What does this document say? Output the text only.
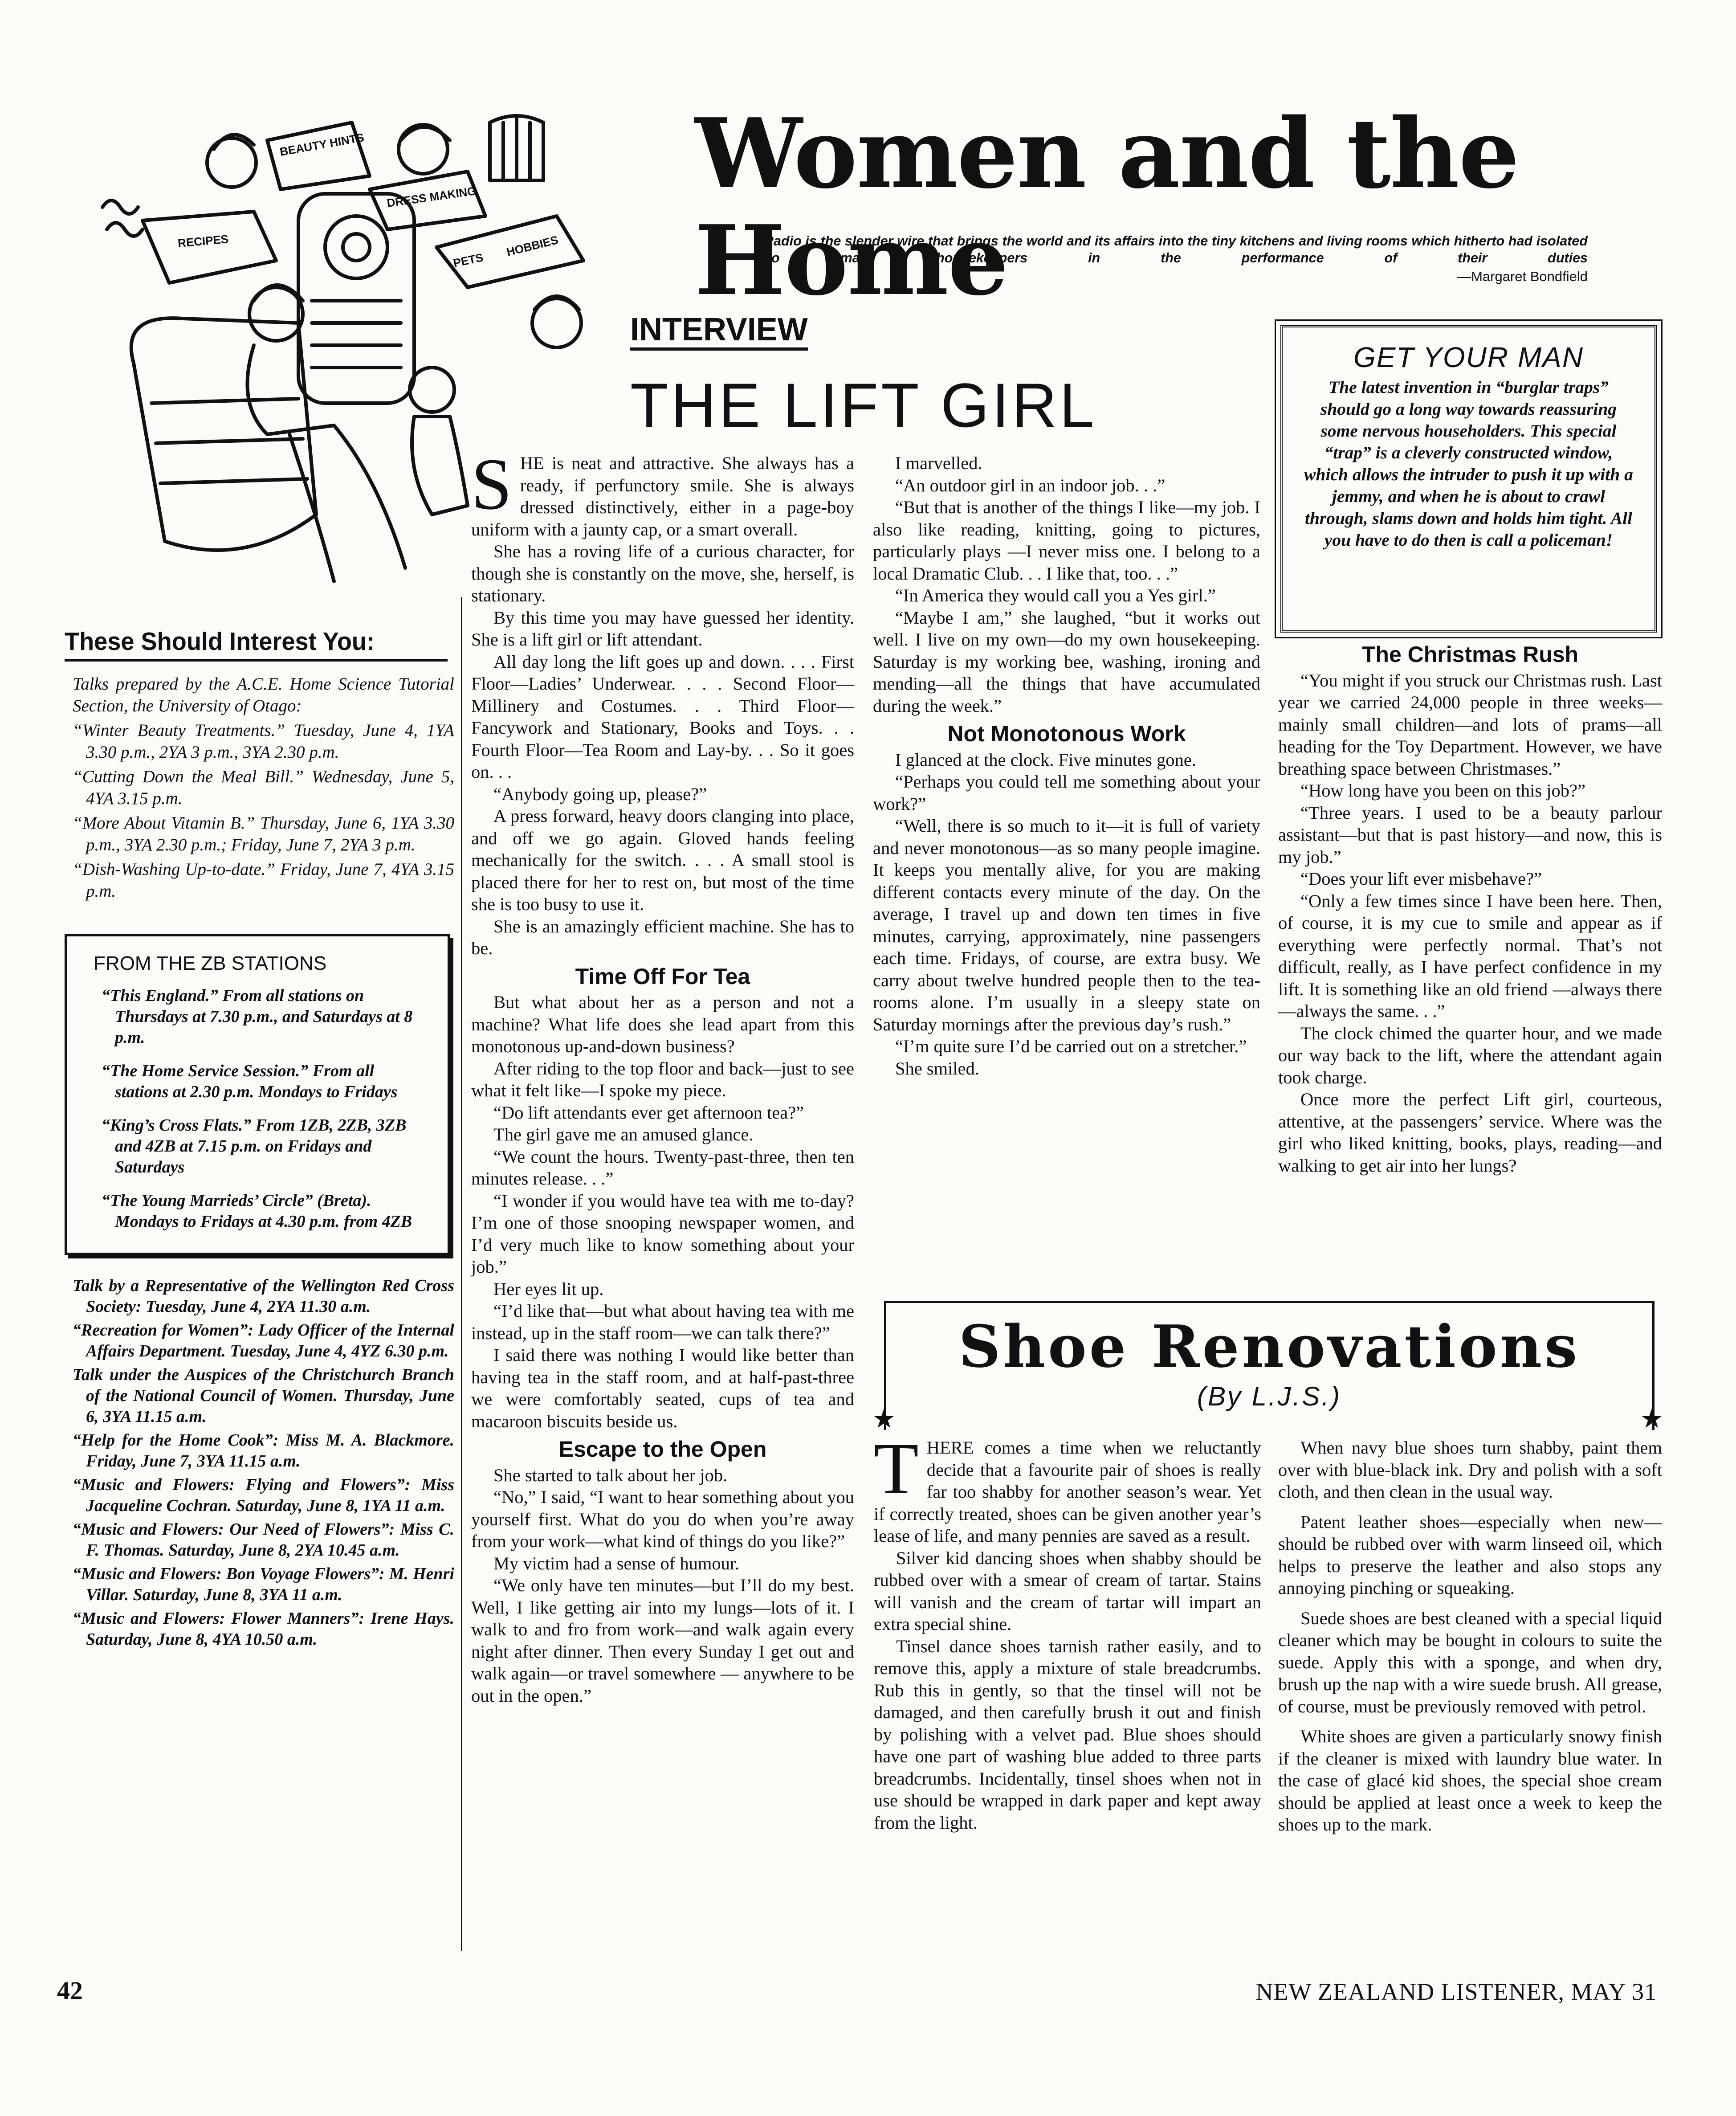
Women and the Home
Radio is the slender wire that brings the world and its affairs into the tiny kitchens and living rooms which hitherto had isolated so many housekeepers in the performance of their duties
—Margaret Bondfield
BEAUTY HINTS
DRESS MAKING
RECIPES
PETS
HOBBIES
These Should Interest You:

Talks prepared by the A.C.E. Home Science Tutorial Section, the University of Otago:

“Winter Beauty Treatments.” Tuesday, June 4, 1YA 3.30 p.m., 2YA 3 p.m., 3YA 2.30 p.m.

“Cutting Down the Meal Bill.” Wednesday, June 5, 4YA 3.15 p.m.

“More About Vitamin B.” Thursday, June 6, 1YA 3.30 p.m., 3YA 2.30 p.m.; Friday, June 7, 2YA 3 p.m.

“Dish-Washing Up-to-date.” Friday, June 7, 4YA 3.15 p.m.

FROM THE ZB STATIONS

“This England.” From all stations on Thursdays at 7.30 p.m., and Saturdays at 8 p.m.

“The Home Service Session.” From all stations at 2.30 p.m. Mondays to Fridays

“King’s Cross Flats.” From 1ZB, 2ZB, 3ZB and 4ZB at 7.15 p.m. on Fridays and Saturdays

“The Young Marrieds’ Circle” (Breta). Mondays to Fridays at 4.30 p.m. from 4ZB

Talk by a Representative of the Wellington Red Cross Society: Tuesday, June 4, 2YA 11.30 a.m.

“Recreation for Women”: Lady Officer of the Internal Affairs Department. Tuesday, June 4, 4YZ 6.30 p.m.

Talk under the Auspices of the Christchurch Branch of the National Council of Women. Thursday, June 6, 3YA 11.15 a.m.

“Help for the Home Cook”: Miss M. A. Blackmore. Friday, June 7, 3YA 11.15 a.m.

“Music and Flowers: Flying and Flowers”: Miss Jacqueline Cochran. Saturday, June 8, 1YA 11 a.m.

“Music and Flowers: Our Need of Flowers”: Miss C. F. Thomas. Saturday, June 8, 2YA 10.45 a.m.

“Music and Flowers: Bon Voyage Flowers”: M. Henri Villar. Saturday, June 8, 3YA 11 a.m.

“Music and Flowers: Flower Manners”: Irene Hays. Saturday, June 8, 4YA 10.50 a.m.

INTERVIEW
THE LIFT GIRL

SHE is neat and attractive. She always has a ready, if perfunctory smile. She is always dressed distinctively, either in a page-boy uniform with a jaunty cap, or a smart overall.

She has a roving life of a curious character, for though she is constantly on the move, she, herself, is stationary.

By this time you may have guessed her identity. She is a lift girl or lift attendant.

All day long the lift goes up and down. . . . First Floor—Ladies’ Underwear. . . . Second Floor—Millinery and Costumes. . . Third Floor—Fancywork and Stationary, Books and Toys. . . Fourth Floor—Tea Room and Lay-by. . . So it goes on. . .

“Anybody going up, please?”

A press forward, heavy doors clanging into place, and off we go again. Gloved hands feeling mechanically for the switch. . . . A small stool is placed there for her to rest on, but most of the time she is too busy to use it.

She is an amazingly efficient machine. She has to be.

Time Off For Tea

But what about her as a person and not a machine? What life does she lead apart from this monotonous up-and-down business?

After riding to the top floor and back—just to see what it felt like—I spoke my piece.

“Do lift attendants ever get afternoon tea?”

The girl gave me an amused glance.

“We count the hours. Twenty-past-three, then ten minutes release. . .”

“I wonder if you would have tea with me to-day? I’m one of those snooping newspaper women, and I’d very much like to know something about your job.”

Her eyes lit up.

“I’d like that—but what about having tea with me instead, up in the staff room—we can talk there?”

I said there was nothing I would like better than having tea in the staff room, and at half-past-three we were comfortably seated, cups of tea and macaroon biscuits beside us.

Escape to the Open

She started to talk about her job.

“No,” I said, “I want to hear something about you yourself first. What do you do when you’re away from your work—what kind of things do you like?”

My victim had a sense of humour.

“We only have ten minutes—but I’ll do my best. Well, I like getting air into my lungs—lots of it. I walk to and fro from work—and walk again every night after dinner. Then every Sunday I get out and walk again—or travel somewhere — anywhere to be out in the open.”

I marvelled.

“An outdoor girl in an indoor job. . .”

“But that is another of the things I like—my job. I also like reading, knitting, going to pictures, particularly plays —I never miss one. I belong to a local Dramatic Club. . . I like that, too. . .”

“In America they would call you a Yes girl.”

“Maybe I am,” she laughed, “but it works out well. I live on my own—do my own housekeeping. Saturday is my working bee, washing, ironing and mending—all the things that have accumulated during the week.”

Not Monotonous Work

I glanced at the clock. Five minutes gone.

“Perhaps you could tell me something about your work?”

“Well, there is so much to it—it is full of variety and never monotonous—as so many people imagine. It keeps you mentally alive, for you are making different contacts every minute of the day. On the average, I travel up and down ten times in five minutes, carrying, approximately, nine passengers each time. Fridays, of course, are extra busy. We carry about twelve hundred people then to the tea-rooms alone. I’m usually in a sleepy state on Saturday mornings after the previous day’s rush.”

“I’m quite sure I’d be carried out on a stretcher.”

She smiled.

GET YOUR MAN
The latest invention in “burglar traps” should go a long way towards reassuring some nervous householders. This special “trap” is a cleverly constructed window, which allows the intruder to push it up with a jemmy, and when he is about to crawl through, slams down and holds him tight. All you have to do then is call a policeman!
The Christmas Rush

“You might if you struck our Christmas rush. Last year we carried 24,000 people in three weeks—mainly small children—and lots of prams—all heading for the Toy Department. However, we have breathing space between Christmases.”

“How long have you been on this job?”

“Three years. I used to be a beauty parlour assistant—but that is past history—and now, this is my job.”

“Does your lift ever misbehave?”

“Only a few times since I have been here. Then, of course, it is my cue to smile and appear as if everything were perfectly normal. That’s not difficult, really, as I have perfect confidence in my lift. It is something like an old friend —always there—always the same. . .”

The clock chimed the quarter hour, and we made our way back to the lift, where the attendant again took charge.

Once more the perfect Lift girl, courteous, attentive, at the passengers’ service. Where was the girl who liked knitting, books, plays, reading—and walking to get air into her lungs?

Shoe Renovations
(By L.J.S.)
★	★

THERE comes a time when we reluctantly decide that a favourite pair of shoes is really far too shabby for another season’s wear. Yet if correctly treated, shoes can be given another year’s lease of life, and many pennies are saved as a result.

Silver kid dancing shoes when shabby should be rubbed over with a smear of cream of tartar. Stains will vanish and the cream of tartar will impart an extra special shine.

Tinsel dance shoes tarnish rather easily, and to remove this, apply a mixture of stale breadcrumbs. Rub this in gently, so that the tinsel will not be damaged, and then carefully brush it out and finish by polishing with a velvet pad. Blue shoes should have one part of washing blue added to three parts breadcrumbs. Incidentally, tinsel shoes when not in use should be wrapped in dark paper and kept away from the light.

When navy blue shoes turn shabby, paint them over with blue-black ink. Dry and polish with a soft cloth, and then clean in the usual way.

Patent leather shoes—especially when new—should be rubbed over with warm linseed oil, which helps to preserve the leather and also stops any annoying pinching or squeaking.

Suede shoes are best cleaned with a special liquid cleaner which may be bought in colours to suite the suede. Apply this with a sponge, and when dry, brush up the nap with a wire suede brush. All grease, of course, must be previously removed with petrol.

White shoes are given a particularly snowy finish if the cleaner is mixed with laundry blue water. In the case of glacé kid shoes, the special shoe cream should be applied at least once a week to keep the shoes up to the mark.

42	NEW ZEALAND LISTENER, MAY 31
